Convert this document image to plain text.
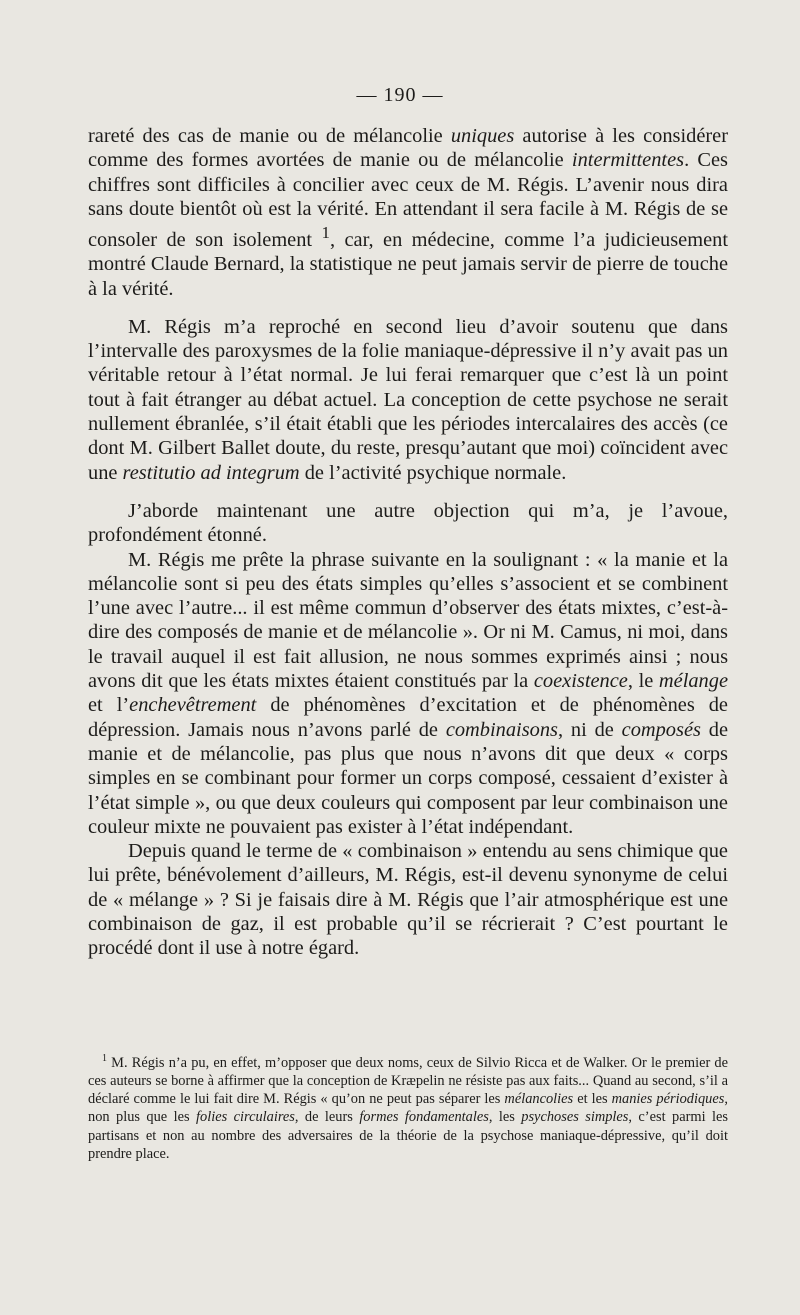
— 190 —

rareté des cas de manie ou de mélancolie uniques autorise à les considérer comme des formes avortées de manie ou de mélancolie intermittentes. Ces chiffres sont difficiles à concilier avec ceux de M. Régis. L’avenir nous dira sans doute bientôt où est la vérité. En attendant il sera facile à M. Régis de se consoler de son isolement $^1$, car, en médecine, comme l’a judicieusement montré Claude Bernard, la statistique ne peut jamais servir de pierre de touche à la vérité.

M. Régis m’a reproché en second lieu d’avoir soutenu que dans l’intervalle des paroxysmes de la folie maniaque-dépressive il n’y avait pas un véritable retour à l’état normal. Je lui ferai remarquer que c’est là un point tout à fait étranger au débat actuel. La conception de cette psychose ne serait nullement ébranlée, s’il était établi que les périodes intercalaires des accès (ce dont M. Gilbert Ballet doute, du reste, presqu’autant que moi) coïncident avec une restitutio ad integrum de l’activité psychique normale.

J’aborde maintenant une autre objection qui m’a, je l’avoue, profondément étonné.

M. Régis me prête la phrase suivante en la soulignant : « la manie et la mélancolie sont si peu des états simples qu’elles s’associent et se combinent l’une avec l’autre... il est même commun d’observer des états mixtes, c’est-à-dire des composés de manie et de mélancolie ». Or ni M. Camus, ni moi, dans le travail auquel il est fait allusion, ne nous sommes exprimés ainsi ; nous avons dit que les états mixtes étaient constitués par la coexistence, le mélange et l’enchevêtrement de phénomènes d’excitation et de phénomènes de dépression. Jamais nous n’avons parlé de combinaisons, ni de composés de manie et de mélancolie, pas plus que nous n’avons dit que deux « corps simples en se combinant pour former un corps composé, cessaient d’exister à l’état simple », ou que deux couleurs qui composent par leur combinaison une couleur mixte ne pouvaient pas exister à l’état indépendant.

Depuis quand le terme de « combinaison » entendu au sens chimique que lui prête, bénévolement d’ailleurs, M. Régis, est-il devenu synonyme de celui de « mélange » ? Si je faisais dire à M. Régis que l’air atmosphérique est une combinaison de gaz, il est probable qu’il se récrierait ? C’est pourtant le procédé dont il use à notre égard.

$^1$ M. Régis n’a pu, en effet, m’opposer que deux noms, ceux de Silvio Ricca et de Walker. Or le premier de ces auteurs se borne à affirmer que la conception de Kræpelin ne résiste pas aux faits... Quand au second, s’il a déclaré comme le lui fait dire M. Régis « qu’on ne peut pas séparer les mélancolies et les manies périodiques, non plus que les folies circulaires, de leurs formes fondamentales, les psychoses simples, c’est parmi les partisans et non au nombre des adversaires de la théorie de la psychose maniaque-dépressive, qu’il doit prendre place.
